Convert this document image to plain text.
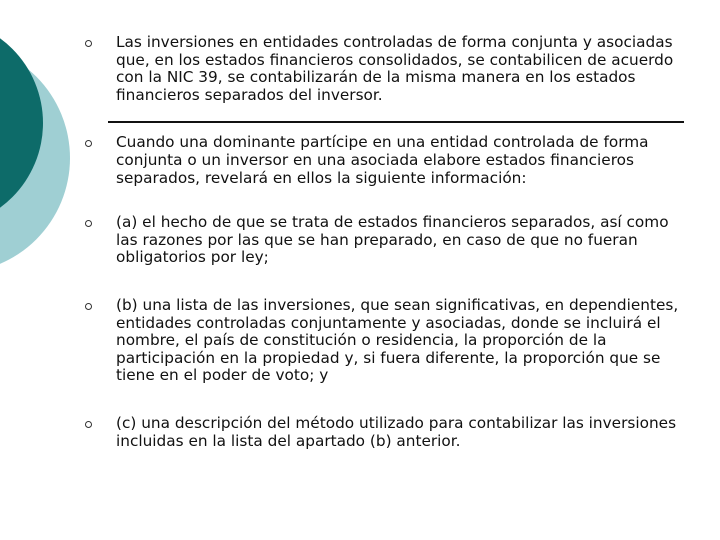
Las inversiones en entidades controladas de forma conjunta y asociadas que, en los estados financieros consolidados, se contabilicen de acuerdo con la NIC 39, se contabilizarán de la misma manera en los estados financieros separados del inversor.
Cuando una dominante partícipe en una entidad controlada de forma conjunta o un inversor en una asociada elabore estados financieros separados, revelará en ellos la siguiente información:
(a) el hecho de que se trata de estados financieros separados, así como las razones por las que se han preparado, en caso de que no fueran obligatorios por ley;
(b) una lista de las inversiones, que sean significativas, en dependientes, entidades controladas conjuntamente y asociadas, donde se incluirá el nombre, el país de constitución o residencia, la proporción de la participación en la propiedad y, si fuera diferente, la proporción que se tiene en el poder de voto; y
(c) una descripción del método utilizado para contabilizar las inversiones incluidas en la lista del apartado (b) anterior.
